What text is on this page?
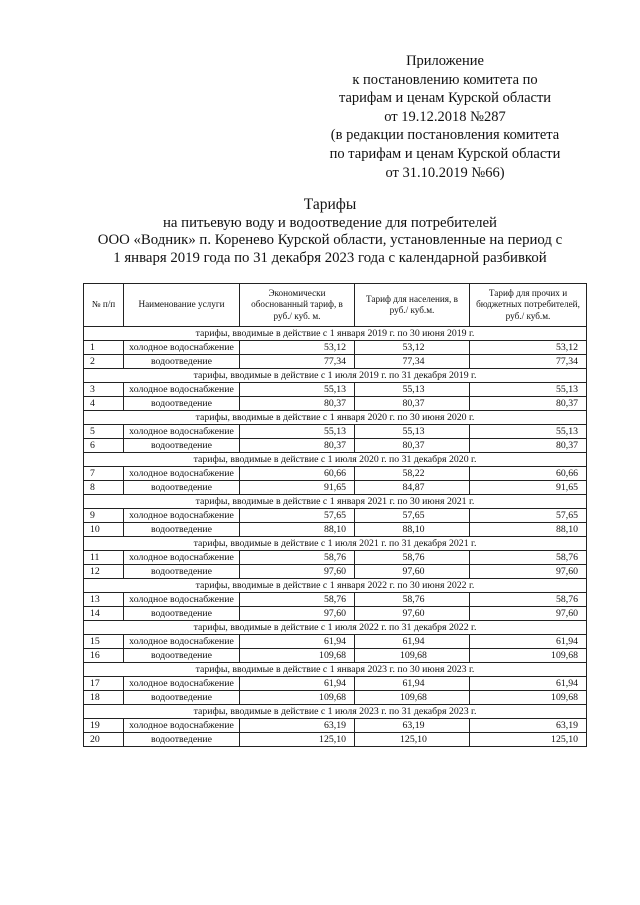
Приложение
к постановлению комитета по
тарифам и ценам Курской области
от 19.12.2018 №287
(в редакции постановления комитета
по тарифам и ценам Курской области
от 31.10.2019 №66)
Тарифы
на питьевую воду и водоотведение для потребителей
ООО «Водник» п. Коренево Курской области, установленные на период с
1 января 2019 года по 31 декабря 2023 года с календарной разбивкой
№ п/п	Наименование услуги	Экономически обоснованный тариф, в руб./ куб. м.	Тариф для населения, в руб./ куб.м.	Тариф для прочих и бюджетных потребителей, руб./ куб.м.
тарифы, вводимые в действие с 1 января 2019 г. по 30 июня 2019 г.				
1	холодное водоснабжение	53,12	53,12	53,12
2	водоотведение	77,34	77,34	77,34
тарифы, вводимые в действие с 1 июля 2019 г. по 31 декабря 2019 г.				
3	холодное водоснабжение	55,13	55,13	55,13
4	водоотведение	80,37	80,37	80,37
тарифы, вводимые в действие с 1 января 2020 г. по 30 июня 2020 г.				
5	холодное водоснабжение	55,13	55,13	55,13
6	водоотведение	80,37	80,37	80,37
тарифы, вводимые в действие с 1 июля 2020 г. по 31 декабря 2020 г.				
7	холодное водоснабжение	60,66	58,22	60,66
8	водоотведение	91,65	84,87	91,65
тарифы, вводимые в действие с 1 января 2021 г. по 30 июня 2021 г.				
9	холодное водоснабжение	57,65	57,65	57,65
10	водоотведение	88,10	88,10	88,10
тарифы, вводимые в действие с 1 июля 2021 г. по 31 декабря 2021 г.				
11	холодное водоснабжение	58,76	58,76	58,76
12	водоотведение	97,60	97,60	97,60
тарифы, вводимые в действие с 1 января 2022 г. по 30 июня 2022 г.				
13	холодное водоснабжение	58,76	58,76	58,76
14	водоотведение	97,60	97,60	97,60
тарифы, вводимые в действие с 1 июля 2022 г. по 31 декабря 2022 г.				
15	холодное водоснабжение	61,94	61,94	61,94
16	водоотведение	109,68	109,68	109,68
тарифы, вводимые в действие с 1 января 2023 г. по 30 июня 2023 г.				
17	холодное водоснабжение	61,94	61,94	61,94
18	водоотведение	109,68	109,68	109,68
тарифы, вводимые в действие с 1 июля 2023 г. по 31 декабря 2023 г.				
19	холодное водоснабжение	63,19	63,19	63,19
20	водоотведение	125,10	125,10	125,10
